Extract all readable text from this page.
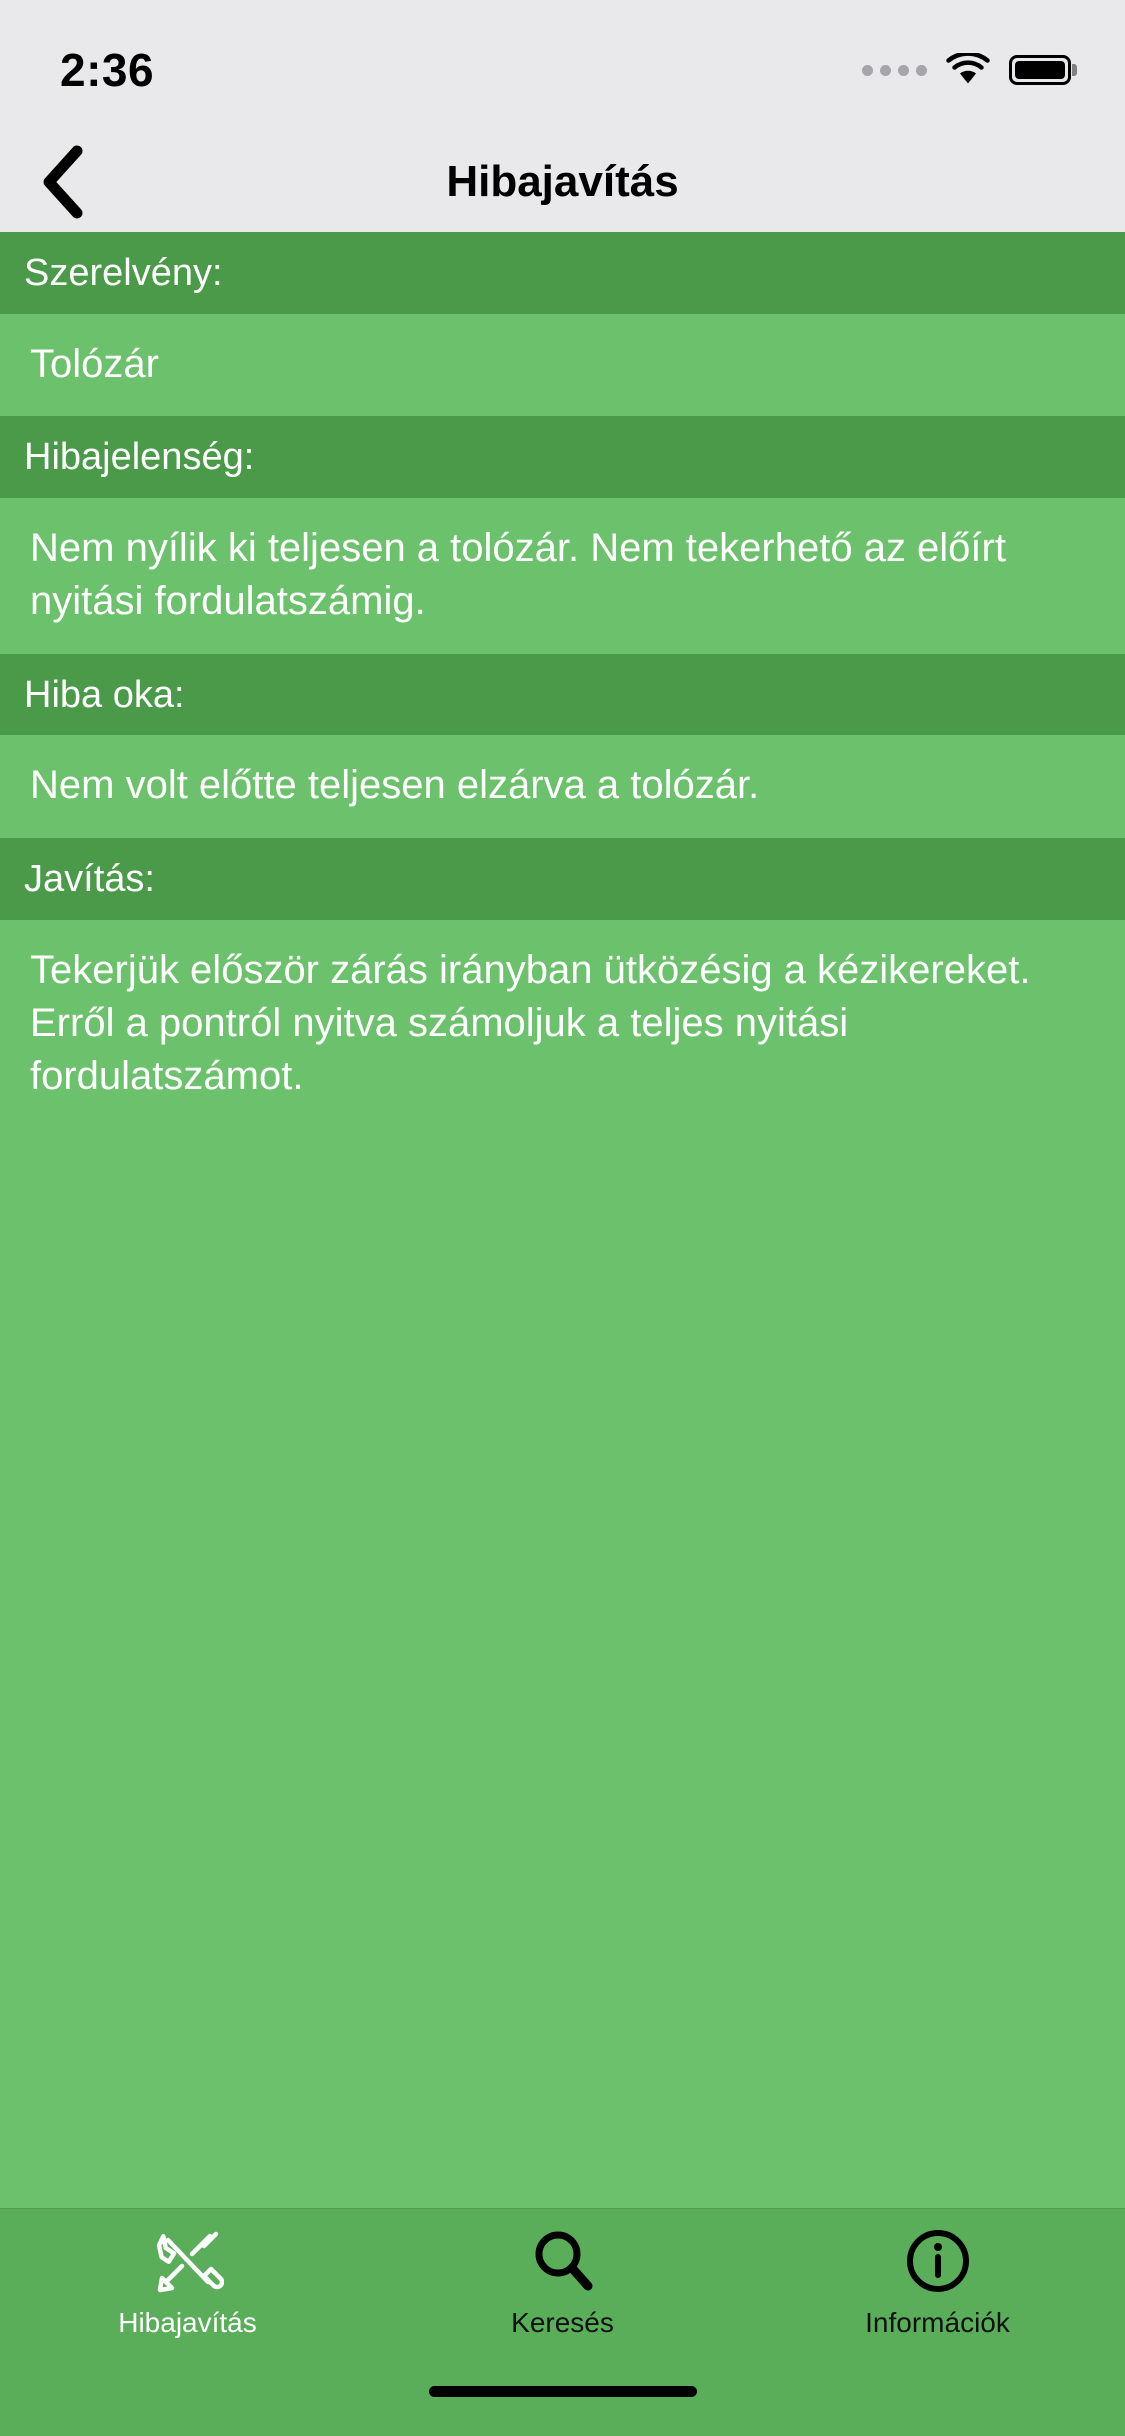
2:36
Hibajavítás
Szerelvény:
Tolózár
Hibajelenség:
Nem nyílik ki teljesen a tolózár. Nem tekerhető az előírt nyitási fordulatszámig.
Hiba oka:
Nem volt előtte teljesen elzárva a tolózár.
Javítás:
Tekerjük először zárás irányban ütközésig a kézikereket. Erről a pontról nyitva számoljuk a teljes nyitási fordulatszámot.
Hibajavítás	Keresés	Információk
